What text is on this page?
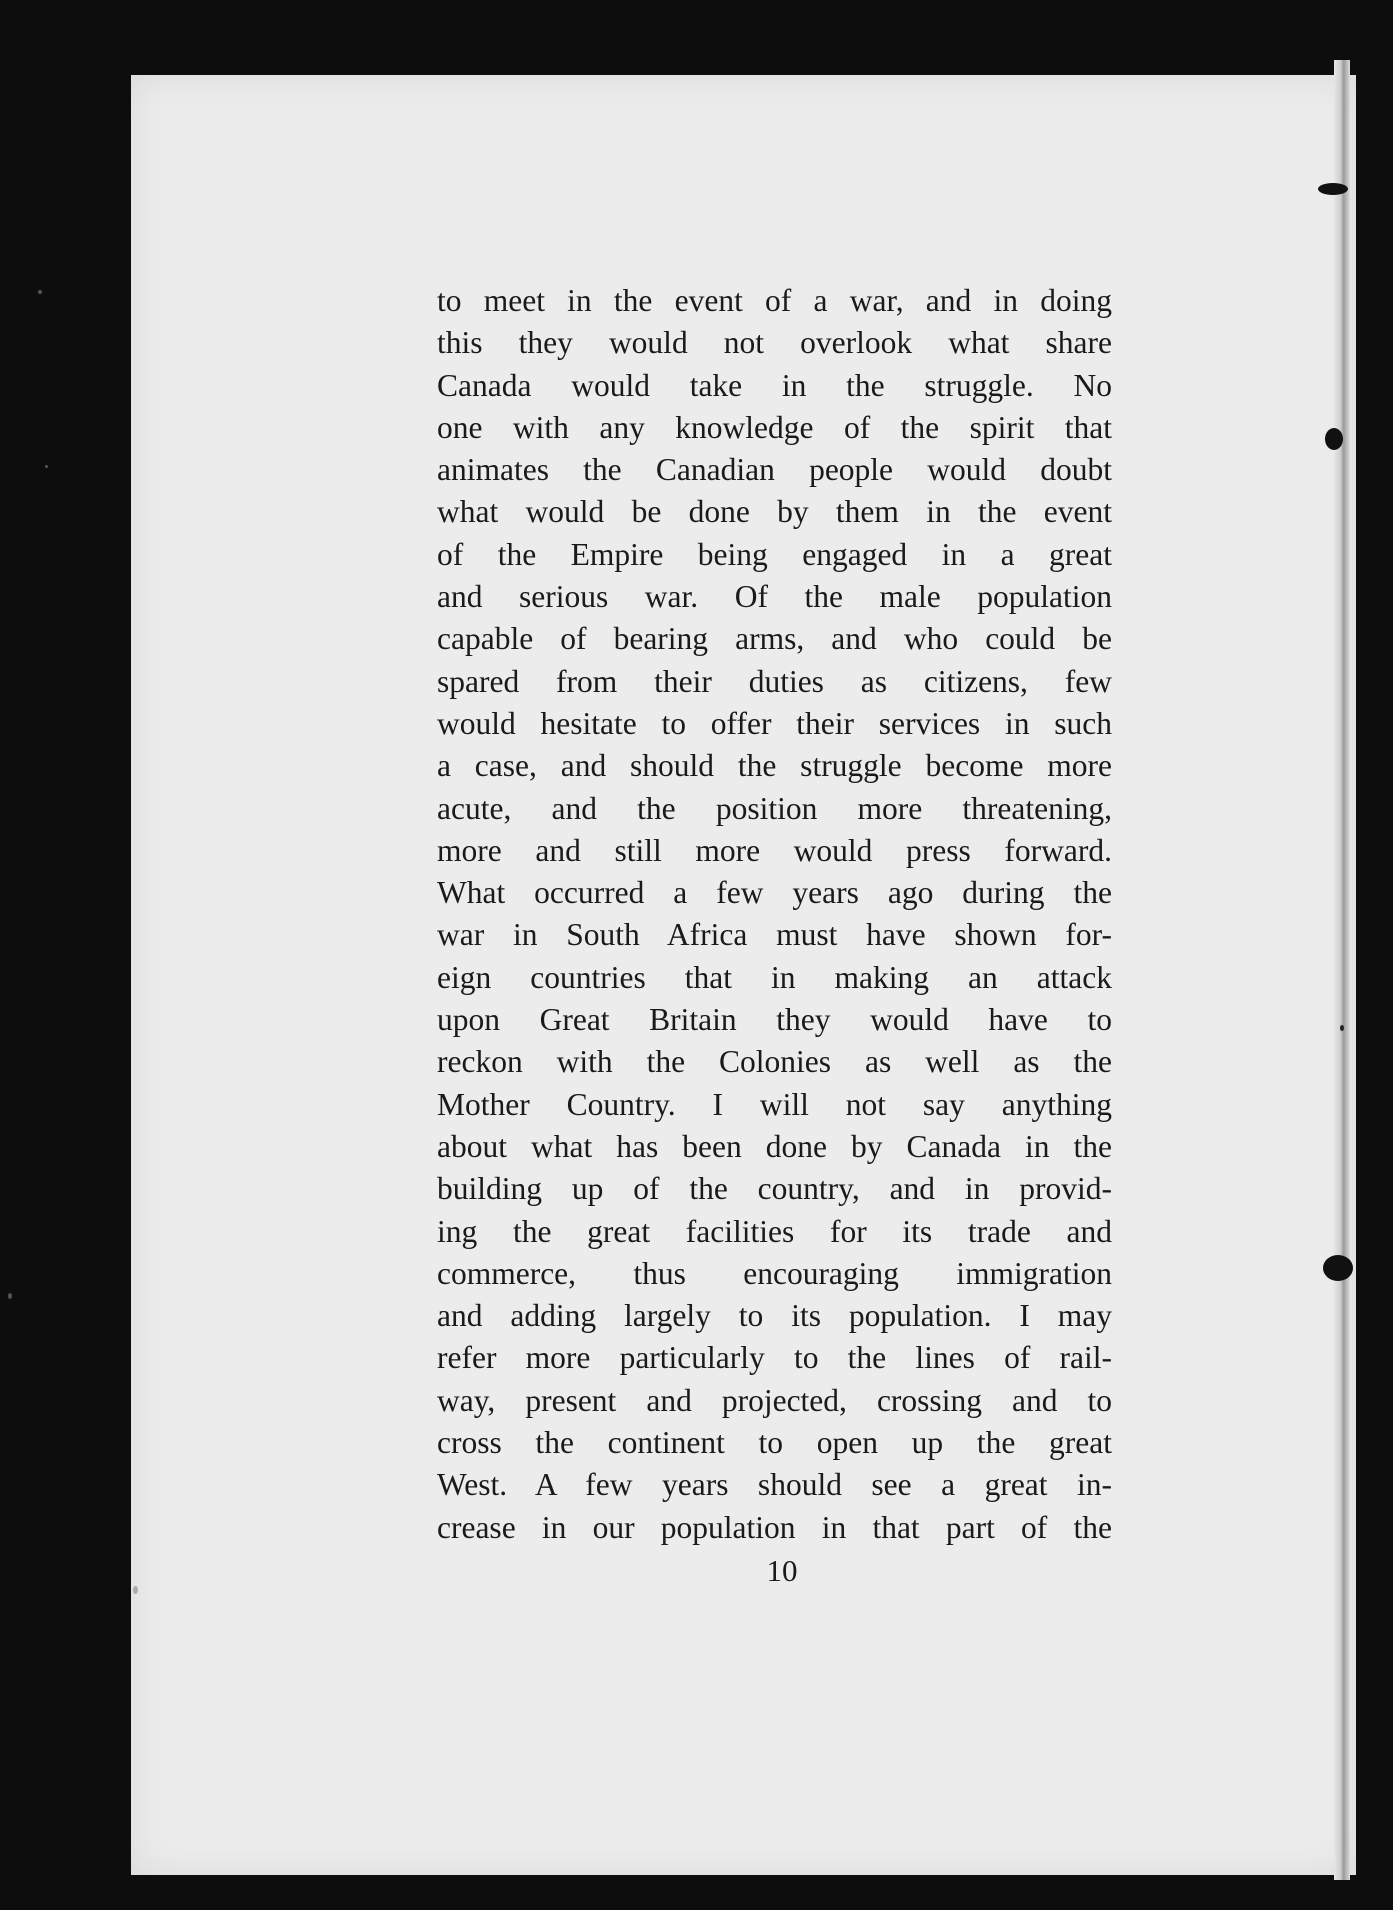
to meet in the event of a war, and in doing
this they would not overlook what share
Canada would take in the struggle. No
one with any knowledge of the spirit that
animates the Canadian people would doubt
what would be done by them in the event
of the Empire being engaged in a great
and serious war. Of the male population
capable of bearing arms, and who could be
spared from their duties as citizens, few
would hesitate to offer their services in such
a case, and should the struggle become more
acute, and the position more threatening,
more and still more would press forward.
What occurred a few years ago during the
war in South Africa must have shown for-
eign countries that in making an attack
upon Great Britain they would have to
reckon with the Colonies as well as the
Mother Country. I will not say anything
about what has been done by Canada in the
building up of the country, and in provid-
ing the great facilities for its trade and
commerce, thus encouraging immigration
and adding largely to its population. I may
refer more particularly to the lines of rail-
way, present and projected, crossing and to
cross the continent to open up the great
West. A few years should see a great in-
crease in our population in that part of the
10
